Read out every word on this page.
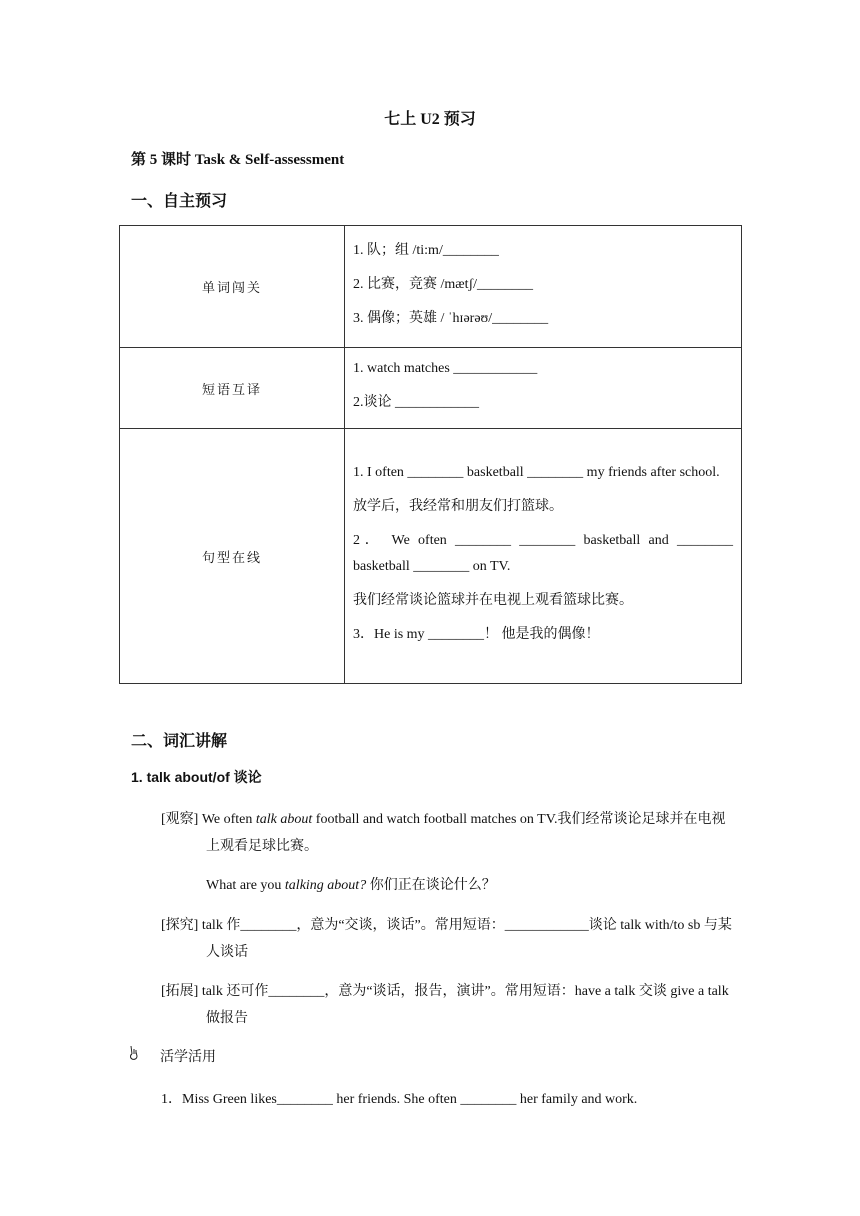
七上 U2 预习
第 5 课时 Task & Self-assessment
一、自主预习
单词闯关	1. 队；组 /ti:m/________

2. 比赛，竞赛 /mætʃ/________

3. 偶像；英雄 / ˈhɪərəʊ/________

短语互译	1. watch matches ____________

2.谈论 ____________

句型在线	1. I often ________ basketball ________ my friends after school.

放学后，我经常和朋友们打篮球。

2． We often ________ ________ basketball and ________ basketball ________ on TV.

我们经常谈论篮球并在电视上观看篮球比赛。

3．He is my ________！ 他是我的偶像！

二、词汇讲解
1. talk about/of 谈论
[观察] We often talk about football and watch football matches on TV.我们经常谈论足球并在电视上观看足球比赛。
What are you talking about? 你们正在谈论什么？
[探究] talk 作________，意为“交谈，谈话”。常用短语：____________谈论 talk with/to sb 与某人谈话
[拓展] talk 还可作________，意为“谈话，报告，演讲”。常用短语：have a talk 交谈 give a talk 做报告
活学活用
1．Miss Green likes________ her friends. She often ________ her family and work.
